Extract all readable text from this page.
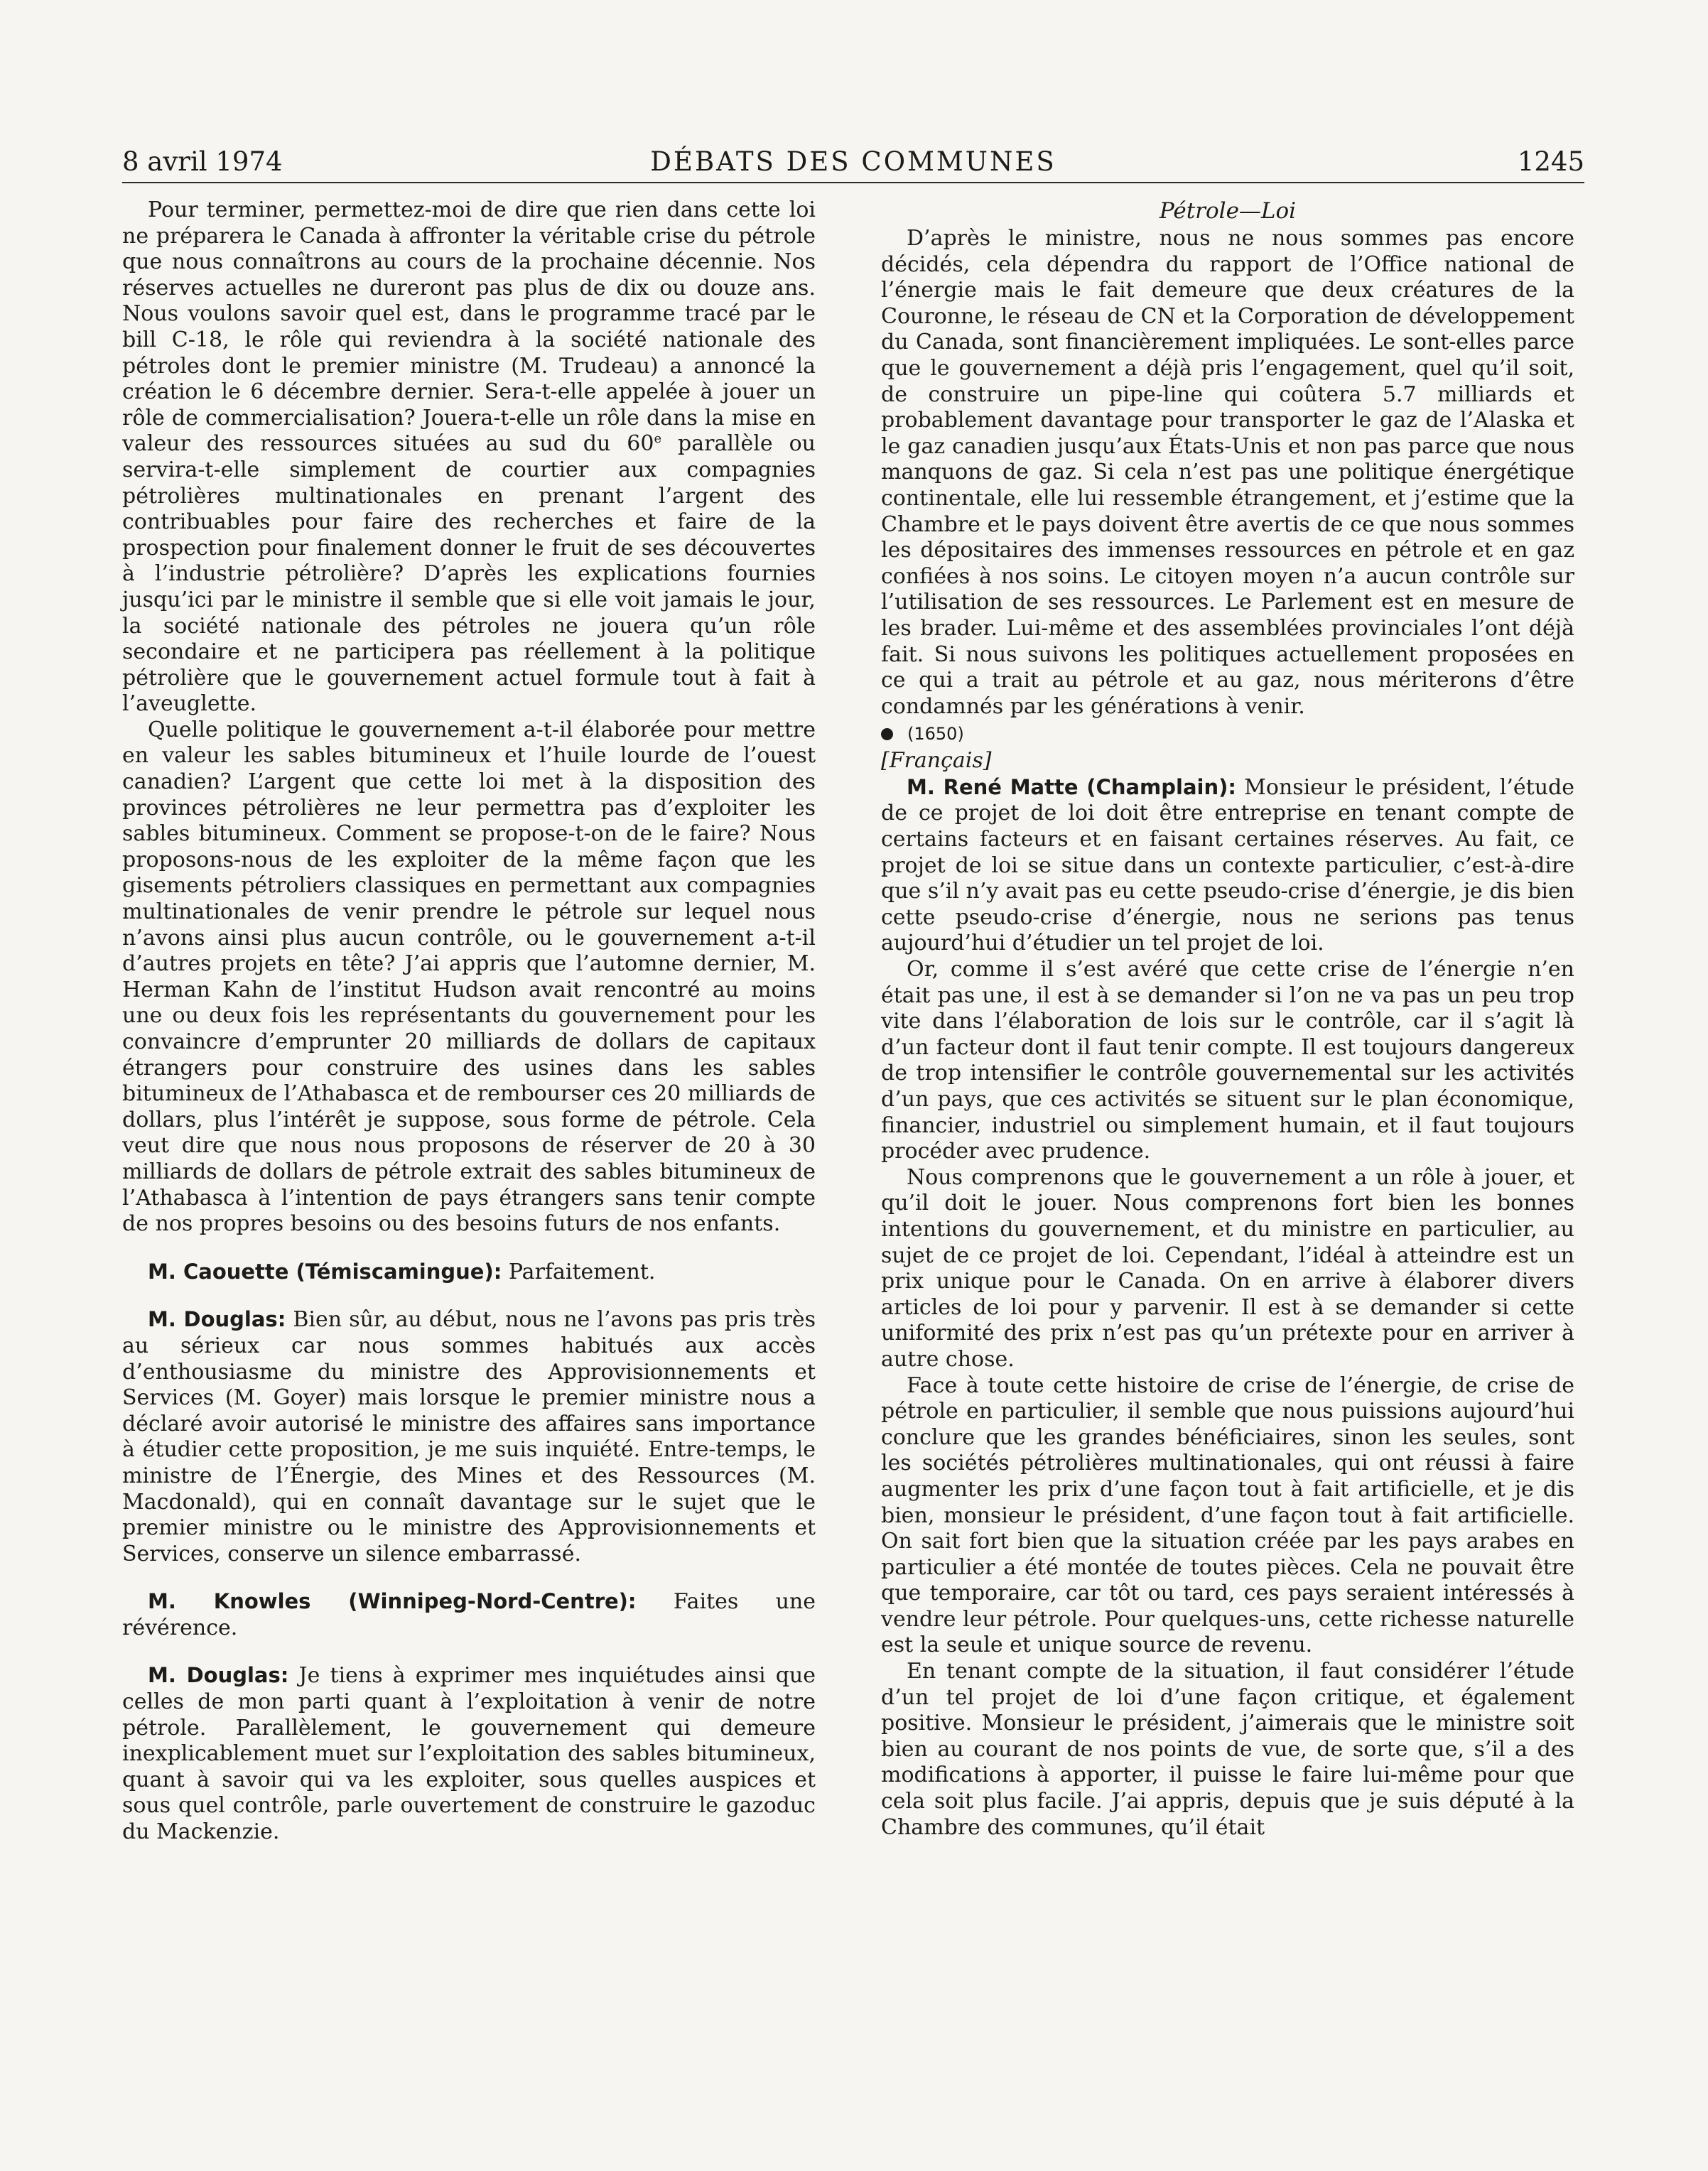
8 avril 1974	DÉBATS DES COMMUNES	1245

Pour terminer, permettez-moi de dire que rien dans cette loi ne préparera le Canada à affronter la véritable crise du pétrole que nous connaîtrons au cours de la prochaine décennie. Nos réserves actuelles ne dureront pas plus de dix ou douze ans. Nous voulons savoir quel est, dans le programme tracé par le bill C-18, le rôle qui reviendra à la société nationale des pétroles dont le premier ministre (M. Trudeau) a annoncé la création le 6 décembre dernier. Sera-t-elle appelée à jouer un rôle de commercialisation? Jouera-t-elle un rôle dans la mise en valeur des ressources situées au sud du 60e parallèle ou servira-t-elle simplement de courtier aux compagnies pétrolières multinationales en prenant l’argent des contribuables pour faire des recherches et faire de la prospection pour finalement donner le fruit de ses découvertes à l’industrie pétrolière? D’après les explications fournies jusqu’ici par le ministre il semble que si elle voit jamais le jour, la société nationale des pétroles ne jouera qu’un rôle secondaire et ne participera pas réellement à la politique pétrolière que le gouvernement actuel formule tout à fait à l’aveuglette.

Quelle politique le gouvernement a-t-il élaborée pour mettre en valeur les sables bitumineux et l’huile lourde de l’ouest canadien? L’argent que cette loi met à la disposition des provinces pétrolières ne leur permettra pas d’exploiter les sables bitumineux. Comment se propose-t-on de le faire? Nous proposons-nous de les exploiter de la même façon que les gisements pétroliers classiques en permettant aux compagnies multinationales de venir prendre le pétrole sur lequel nous n’avons ainsi plus aucun contrôle, ou le gouvernement a-t-il d’autres projets en tête? J’ai appris que l’automne dernier, M. Herman Kahn de l’institut Hudson avait rencontré au moins une ou deux fois les représentants du gouvernement pour les convaincre d’emprunter 20 milliards de dollars de capitaux étrangers pour construire des usines dans les sables bitumineux de l’Athabasca et de rembourser ces 20 milliards de dollars, plus l’intérêt je suppose, sous forme de pétrole. Cela veut dire que nous nous proposons de réserver de 20 à 30 milliards de dollars de pétrole extrait des sables bitumineux de l’Athabasca à l’intention de pays étrangers sans tenir compte de nos propres besoins ou des besoins futurs de nos enfants.

M. Caouette (Témiscamingue): Parfaitement.

M. Douglas: Bien sûr, au début, nous ne l’avons pas pris très au sérieux car nous sommes habitués aux accès d’enthousiasme du ministre des Approvisionnements et Services (M. Goyer) mais lorsque le premier ministre nous a déclaré avoir autorisé le ministre des affaires sans importance à étudier cette proposition, je me suis inquiété. Entre-temps, le ministre de l’Énergie, des Mines et des Ressources (M. Macdonald), qui en connaît davantage sur le sujet que le premier ministre ou le ministre des Approvisionnements et Services, conserve un silence embarrassé.

M. Knowles (Winnipeg-Nord-Centre): Faites une révérence.

M. Douglas: Je tiens à exprimer mes inquiétudes ainsi que celles de mon parti quant à l’exploitation à venir de notre pétrole. Parallèlement, le gouvernement qui demeure inexplicablement muet sur l’exploitation des sables bitumineux, quant à savoir qui va les exploiter, sous quelles auspices et sous quel contrôle, parle ouvertement de construire le gazoduc du Mackenzie.

Pétrole—Loi

D’après le ministre, nous ne nous sommes pas encore décidés, cela dépendra du rapport de l’Office national de l’énergie mais le fait demeure que deux créatures de la Couronne, le réseau de CN et la Corporation de développement du Canada, sont financièrement impliquées. Le sont-elles parce que le gouvernement a déjà pris l’engagement, quel qu’il soit, de construire un pipe-line qui coûtera 5.7 milliards et probablement davantage pour transporter le gaz de l’Alaska et le gaz canadien jusqu’aux États-Unis et non pas parce que nous manquons de gaz. Si cela n’est pas une politique énergétique continentale, elle lui ressemble étrangement, et j’estime que la Chambre et le pays doivent être avertis de ce que nous sommes les dépositaires des immenses ressources en pétrole et en gaz confiées à nos soins. Le citoyen moyen n’a aucun contrôle sur l’utilisation de ses ressources. Le Parlement est en mesure de les brader. Lui-même et des assemblées provinciales l’ont déjà fait. Si nous suivons les politiques actuellement proposées en ce qui a trait au pétrole et au gaz, nous mériterons d’être condamnés par les générations à venir.

(1650)

[Français]

M. René Matte (Champlain): Monsieur le président, l’étude de ce projet de loi doit être entreprise en tenant compte de certains facteurs et en faisant certaines réserves. Au fait, ce projet de loi se situe dans un contexte particulier, c’est-à-dire que s’il n’y avait pas eu cette pseudo-crise d’énergie, je dis bien cette pseudo-crise d’énergie, nous ne serions pas tenus aujourd’hui d’étudier un tel projet de loi.

Or, comme il s’est avéré que cette crise de l’énergie n’en était pas une, il est à se demander si l’on ne va pas un peu trop vite dans l’élaboration de lois sur le contrôle, car il s’agit là d’un facteur dont il faut tenir compte. Il est toujours dangereux de trop intensifier le contrôle gouvernemental sur les activités d’un pays, que ces activités se situent sur le plan économique, financier, industriel ou simplement humain, et il faut toujours procéder avec prudence.

Nous comprenons que le gouvernement a un rôle à jouer, et qu’il doit le jouer. Nous comprenons fort bien les bonnes intentions du gouvernement, et du ministre en particulier, au sujet de ce projet de loi. Cependant, l’idéal à atteindre est un prix unique pour le Canada. On en arrive à élaborer divers articles de loi pour y parvenir. Il est à se demander si cette uniformité des prix n’est pas qu’un prétexte pour en arriver à autre chose.

Face à toute cette histoire de crise de l’énergie, de crise de pétrole en particulier, il semble que nous puissions aujourd’hui conclure que les grandes bénéficiaires, sinon les seules, sont les sociétés pétrolières multinationales, qui ont réussi à faire augmenter les prix d’une façon tout à fait artificielle, et je dis bien, monsieur le président, d’une façon tout à fait artificielle. On sait fort bien que la situation créée par les pays arabes en particulier a été montée de toutes pièces. Cela ne pouvait être que temporaire, car tôt ou tard, ces pays seraient intéressés à vendre leur pétrole. Pour quelques-uns, cette richesse naturelle est la seule et unique source de revenu.

En tenant compte de la situation, il faut considérer l’étude d’un tel projet de loi d’une façon critique, et également positive. Monsieur le président, j’aimerais que le ministre soit bien au courant de nos points de vue, de sorte que, s’il a des modifications à apporter, il puisse le faire lui-même pour que cela soit plus facile. J’ai appris, depuis que je suis député à la Chambre des communes, qu’il était
